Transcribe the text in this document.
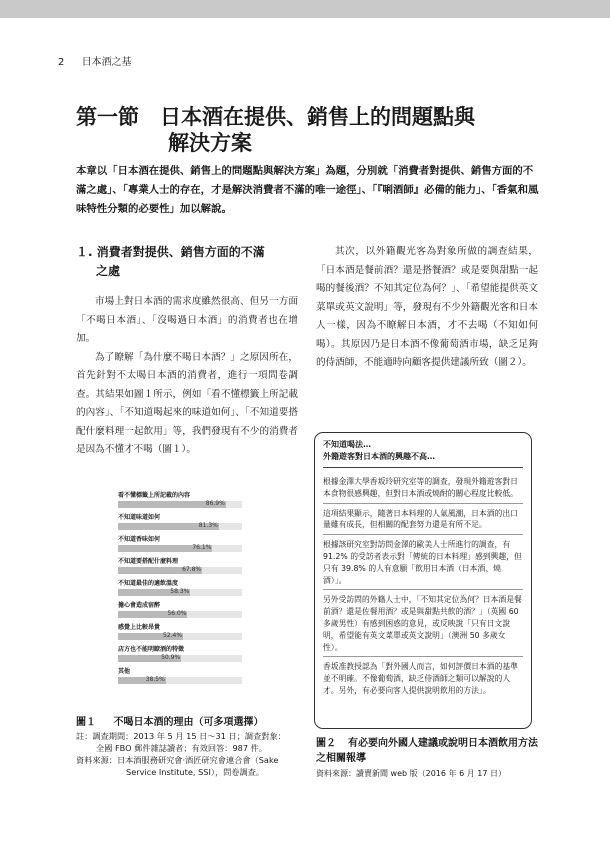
2 日本酒之基
第一節　日本酒在提供、銷售上的問題點與
解決方案
本章以「日本酒在提供、銷售上的問題點與解決方案」為題，分別就「消費者對提供、銷售方面的不滿之處」、「專業人士的存在，才是解決消費者不滿的唯一途徑」、「『唎酒師』必備的能力」、「香氣和風味特性分類的必要性」加以解說。
１. 消費者對提供、銷售方面的不滿
之處

市場上對日本酒的需求度雖然很高、但另一方面「不喝日本酒」、「沒喝過日本酒」的消費者也在增加。

為了瞭解「為什麼不喝日本酒？」之原因所在，首先針對不太喝日本酒的消費者，進行一項問卷調查。其結果如圖１所示，例如「看不懂標籤上所記載的內容」、「不知道喝起來的味道如何」、「不知道要搭配什麼料理一起飲用」等，我們發現有不少的消費者是因為不懂才不喝（圖１）。

其次，以外籍觀光客為對象所做的調查結果，「日本酒是餐前酒？還是搭餐酒？或是要與甜點一起喝的餐後酒？不知其定位為何？」、「希望能提供英文菜單或英文說明」等，發現有不少外籍觀光客和日本人一樣，因為不瞭解日本酒，才不去喝（不知如何喝）。其原因乃是日本酒不像葡萄酒市場，缺乏足夠的侍酒師，不能適時向顧客提供建議所致（圖２）。

看不懂標籤上所記載的內容
86.9%
不知道味道如何
81.3%
不知道香味如何
76.1%
不知道要搭配什麼料理
67.8%
不知道最佳的適飲溫度
58.3%
擔心會造成宿醉
56.0%
感覺上比較昂貴
52.4%
店方也不能明瞭酒的特徵
50.9%
其他
38.5%
圖１ 不喝日本酒的理由（可多項選擇）
註：調查期間：2013 年 5 月 15 日～31 日；調查對象：
全國 FBO 郵件雜誌讀者；有效回答：987 件。
資料來源：日本酒服務研究會‧酒匠研究會連合會（Sake
Service Institute, SSI），問卷調查。
不知道喝法…
外籍遊客對日本酒的興趣不高…
根據金澤大學香坂玲研究室等的調查，發現外籍遊客對日本食物很感興趣，但對日本酒或燒酎的關心程度比較低。
這項結果顯示，隨著日本料理的人氣風潮，日本酒的出口量雖有成長，但相關的配套努力還是有所不足。
根據該研究室對訪問金澤的歐美人士所進行的調查，有 91.2% 的受訪者表示對「傳統的日本料理」感到興趣，但只有 39.8% 的人有意願「飲用日本酒（日本酒、燒酒）」。
另外受訪問的外籍人士中，「不知其定位為何？日本酒是餐前酒？還是佐餐用酒？或是與甜點共飲的酒？」（英國 60 多歲男性）有感到困惑的意見，或反映說「只有日文說明，希望能有英文菜單或英文說明」（澳洲 50 多歲女性）。
香坂准教授認為「對外國人而言，如何評價日本酒的基準並不明確。不像葡萄酒，缺乏侍酒師之類可以解說的人才。另外，有必要向客人提供說明飲用的方法」。
圖２ 有必要向外國人建議或說明日本酒飲用方法之相關報導
資料來源：讀賣新聞 web 版（2016 年 6 月 17 日）
